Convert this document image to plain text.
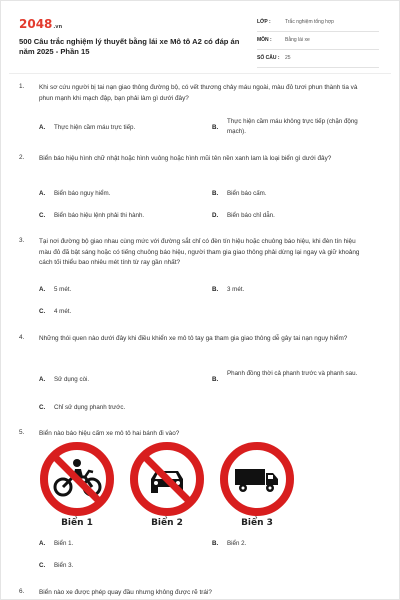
2048.vn
500 Câu trắc nghiệm lý thuyết bằng lái xe Mô tô A2 có đáp án năm 2025 - Phần 15
LỚP :	Trắc nghiệm tổng hợp
MÔN :	Bằng lái xe
SỐ CÂU : 25
1. Khi sơ cứu người bị tai nạn giao thông đường bộ, có vết thương chảy máu ngoài, màu đỏ tươi phun thành tia và phun mạnh khi mạch đập, bạn phải làm gì dưới đây?
A. Thực hiện cầm máu trực tiếp.	B.
Thực hiện cầm máu không trực tiếp (chặn động mạch).
2. Biển báo hiệu hình chữ nhật hoặc hình vuông hoặc hình mũi tên nền xanh lam là loại biển gì dưới đây?
A. Biển báo nguy hiểm.	B. Biển báo cấm.
C. Biển báo hiệu lệnh phải thi hành.	D. Biển báo chỉ dẫn.
3. Tại nơi đường bộ giao nhau cùng mức với đường sắt chỉ có đèn tín hiệu hoặc chuông báo hiệu, khi đèn tín hiệu màu đỏ đã bật sáng hoặc có tiếng chuông báo hiệu, người tham gia giao thông phải dừng lại ngay và giữ khoảng cách tối thiểu bao nhiêu mét tính từ ray gần nhất?
A. 5 mét.	B. 3 mét.
C. 4 mét.
4. Những thói quen nào dưới đây khi điều khiển xe mô tô tay ga tham gia giao thông dễ gây tai nạn nguy hiểm?
A. Sử dụng còi.	B.
Phanh đồng thời cả phanh trước và phanh sau.
C. Chỉ sử dụng phanh trước.
5. Biển nào báo hiệu cấm xe mô tô hai bánh đi vào?
Biển 1	Biển 2	Biển 3
A. Biển 1.	B. Biển 2.
C. Biển 3.
6. Biển nào xe được phép quay đầu nhưng không được rẽ trái?
